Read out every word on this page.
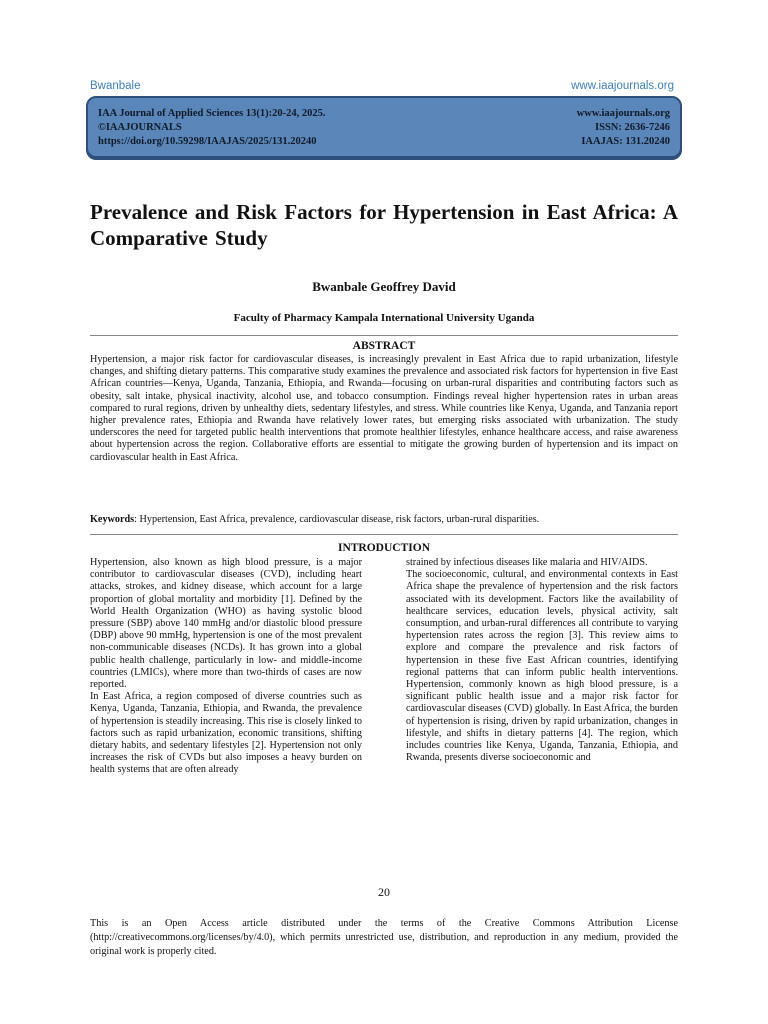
Bwanbale	www.iaajournals.org
IAA Journal of Applied Sciences 13(1):20-24, 2025.	www.iaajournals.org
©IAAJOURNALS	ISSN: 2636-7246
https://doi.org/10.59298/IAAJAS/2025/131.20240	IAAJAS: 131.20240
Prevalence and Risk Factors for Hypertension in East Africa: A Comparative Study
Bwanbale Geoffrey David
Faculty of Pharmacy Kampala International University Uganda
ABSTRACT
Hypertension, a major risk factor for cardiovascular diseases, is increasingly prevalent in East Africa due to rapid urbanization, lifestyle changes, and shifting dietary patterns. This comparative study examines the prevalence and associated risk factors for hypertension in five East African countries—Kenya, Uganda, Tanzania, Ethiopia, and Rwanda—focusing on urban-rural disparities and contributing factors such as obesity, salt intake, physical inactivity, alcohol use, and tobacco consumption. Findings reveal higher hypertension rates in urban areas compared to rural regions, driven by unhealthy diets, sedentary lifestyles, and stress. While countries like Kenya, Uganda, and Tanzania report higher prevalence rates, Ethiopia and Rwanda have relatively lower rates, but emerging risks associated with urbanization. The study underscores the need for targeted public health interventions that promote healthier lifestyles, enhance healthcare access, and raise awareness about hypertension across the region. Collaborative efforts are essential to mitigate the growing burden of hypertension and its impact on cardiovascular health in East Africa.
Keywords: Hypertension, East Africa, prevalence, cardiovascular disease, risk factors, urban-rural disparities.
INTRODUCTION

Hypertension, also known as high blood pressure, is a major contributor to cardiovascular diseases (CVD), including heart attacks, strokes, and kidney disease, which account for a large proportion of global mortality and morbidity [1]. Defined by the World Health Organization (WHO) as having systolic blood pressure (SBP) above 140 mmHg and/or diastolic blood pressure (DBP) above 90 mmHg, hypertension is one of the most prevalent non-communicable diseases (NCDs). It has grown into a global public health challenge, particularly in low- and middle-income countries (LMICs), where more than two-thirds of cases are now reported.

In East Africa, a region composed of diverse countries such as Kenya, Uganda, Tanzania, Ethiopia, and Rwanda, the prevalence of hypertension is steadily increasing. This rise is closely linked to factors such as rapid urbanization, economic transitions, shifting dietary habits, and sedentary lifestyles [2]. Hypertension not only increases the risk of CVDs but also imposes a heavy burden on health systems that are often already

strained by infectious diseases like malaria and HIV/AIDS.

The socioeconomic, cultural, and environmental contexts in East Africa shape the prevalence of hypertension and the risk factors associated with its development. Factors like the availability of healthcare services, education levels, physical activity, salt consumption, and urban-rural differences all contribute to varying hypertension rates across the region [3]. This review aims to explore and compare the prevalence and risk factors of hypertension in these five East African countries, identifying regional patterns that can inform public health interventions. Hypertension, commonly known as high blood pressure, is a significant public health issue and a major risk factor for cardiovascular diseases (CVD) globally. In East Africa, the burden of hypertension is rising, driven by rapid urbanization, changes in lifestyle, and shifts in dietary patterns [4]. The region, which includes countries like Kenya, Uganda, Tanzania, Ethiopia, and Rwanda, presents diverse socioeconomic and

20
This is an Open Access article distributed under the terms of the Creative Commons Attribution License (http://creativecommons.org/licenses/by/4.0), which permits unrestricted use, distribution, and reproduction in any medium, provided the original work is properly cited.
